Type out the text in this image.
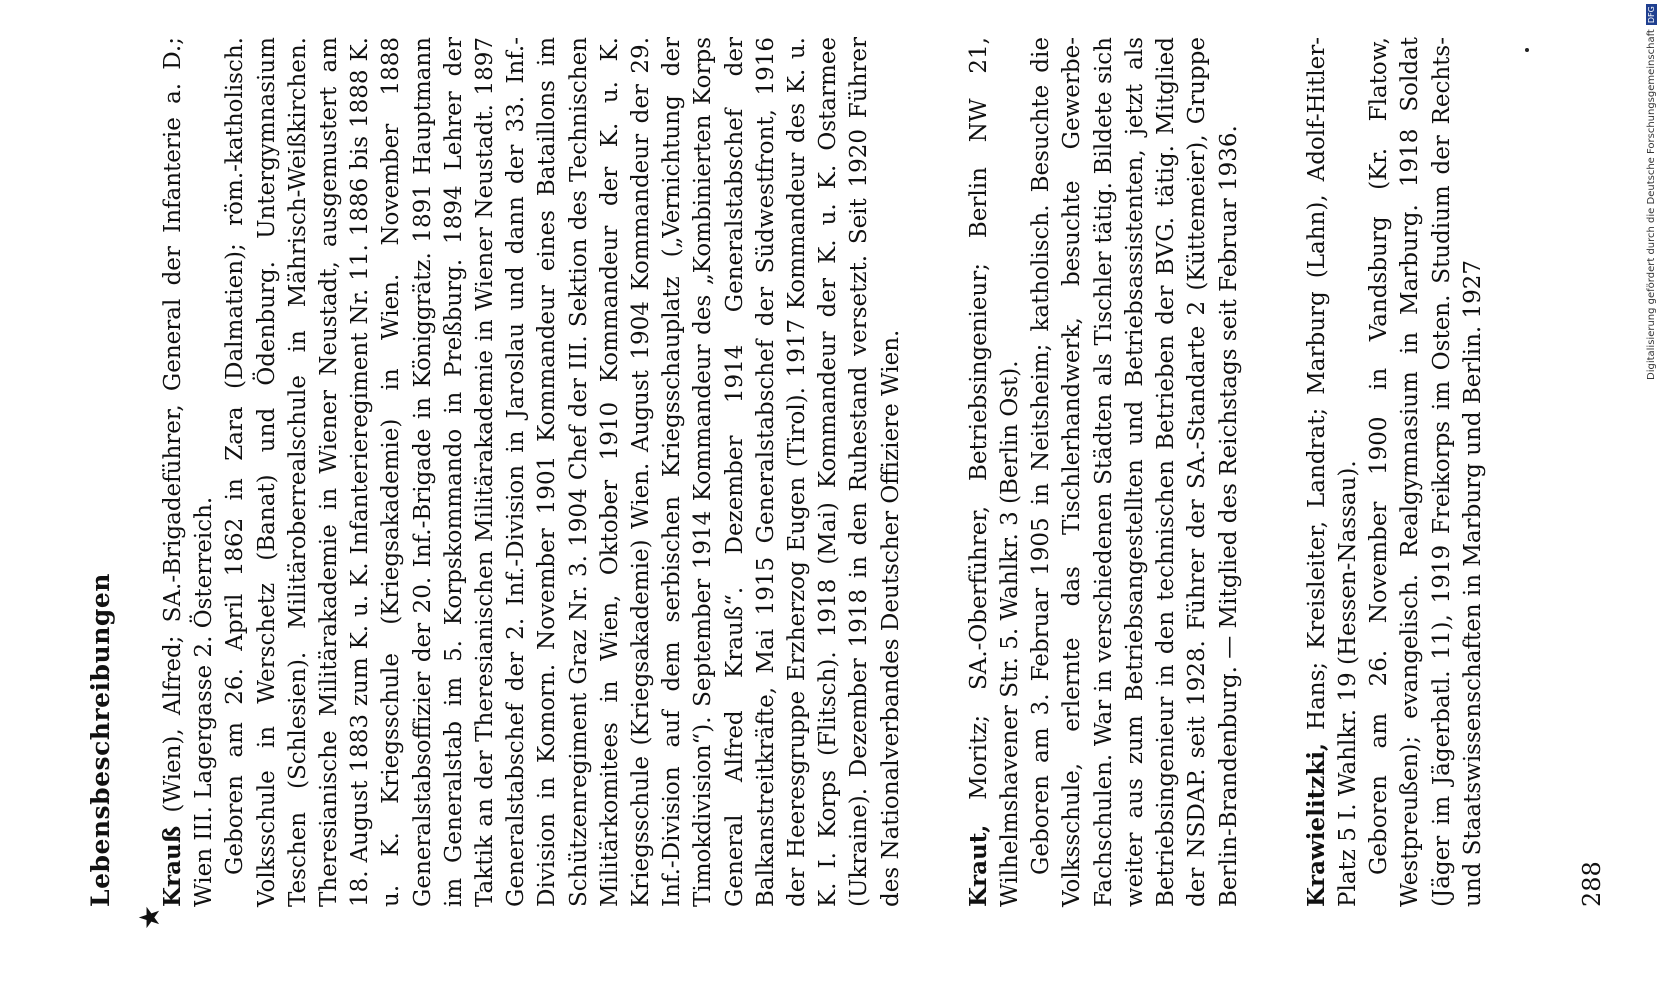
★
Lebensbeschreibungen Krauß (Wien), Alfred; SA.-Brigadeführer, General der Infanterie a. D.; Wien III. Lagergasse 2. Österreich. Geboren am 26. April 1862 in Zara (Dalmatien); röm.-katholisch. Volksschule in Werschetz (Banat) und Ödenburg. Untergymnasium Teschen (Schlesien). Militäroberrealschule in Mährisch-Weißkirchen. Theresianische Militärakademie in Wiener Neustadt, ausgemustert am 18. August 1883 zum K. u. K. Infanterieregiment Nr. 11. 1886 bis 1888 K. u. K. Kriegsschule (Kriegsakademie) in Wien. November 1888 Generalstabsoffizier der 20. Inf.-Brigade in Königgrätz. 1891 Hauptmann im Generalstab im 5. Korpskommando in Preßburg. 1894 Lehrer der Taktik an der Theresianischen Militärakademie in Wiener Neustadt. 1897 Generalstabschef der 2. Inf.-Division in Jaroslau und dann der 33. Inf.-Division in Komorn. November 1901 Kommandeur eines Bataillons im Schützenregiment Graz Nr. 3. 1904 Chef der III. Sektion des Technischen Militärkomitees in Wien, Oktober 1910 Kommandeur der K. u. K. Kriegsschule (Kriegsakademie) Wien. August 1904 Kommandeur der 29. Inf.-Division auf dem serbischen Kriegsschauplatz („Vernichtung der Timokdivision“). September 1914 Kommandeur des „Kombinierten Korps General Alfred Krauß“. Dezember 1914 Generalstabschef der Balkanstreitkräfte, Mai 1915 Generalstabschef der Südwestfront, 1916 der Heeresgruppe Erzherzog Eugen (Tirol). 1917 Kommandeur des K. u. K. I. Korps (Flitsch). 1918 (Mai) Kommandeur der K. u. K. Ostarmee (Ukraine). Dezember 1918 in den Ruhestand versetzt. Seit 1920 Führer des Nationalverbandes Deutscher Offiziere Wien.	Kraut, Moritz; SA.-Oberführer, Betriebsingenieur; Berlin NW 21, Wilhelmshavener Str. 5. Wahlkr. 3 (Berlin Ost). Geboren am 3. Februar 1905 in Neitsheim; katholisch. Besuchte die Volksschule, erlernte das Tischlerhandwerk, besuchte Gewerbe-Fachschulen. War in verschiedenen Städten als Tischler tätig. Bildete sich weiter aus zum Betriebsangestellten und Betriebsassistenten, jetzt als Betriebsingenieur in den technischen Betrieben der BVG. tätig. Mitglied der NSDAP. seit 1928. Führer der SA.-Standarte 2 (Küttemeier), Gruppe Berlin-Brandenburg. — Mitglied des Reichstags seit Februar 1936.	Krawielitzki, Hans; Kreisleiter, Landrat; Marburg (Lahn), Adolf-Hitler-Platz 5 I. Wahlkr. 19 (Hessen-Nassau). Geboren am 26. November 1900 in Vandsburg (Kr. Flatow, Westpreußen); evangelisch. Realgymnasium in Marburg. 1918 Soldat (Jäger im Jägerbatl. 11), 1919 Freikorps im Osten. Studium der Rechts- und Staatswissenschaften in Marburg und Berlin. 1927	288
Digitalisierung gefördert durch die Deutsche ForschungsgemeinschaftDFG
